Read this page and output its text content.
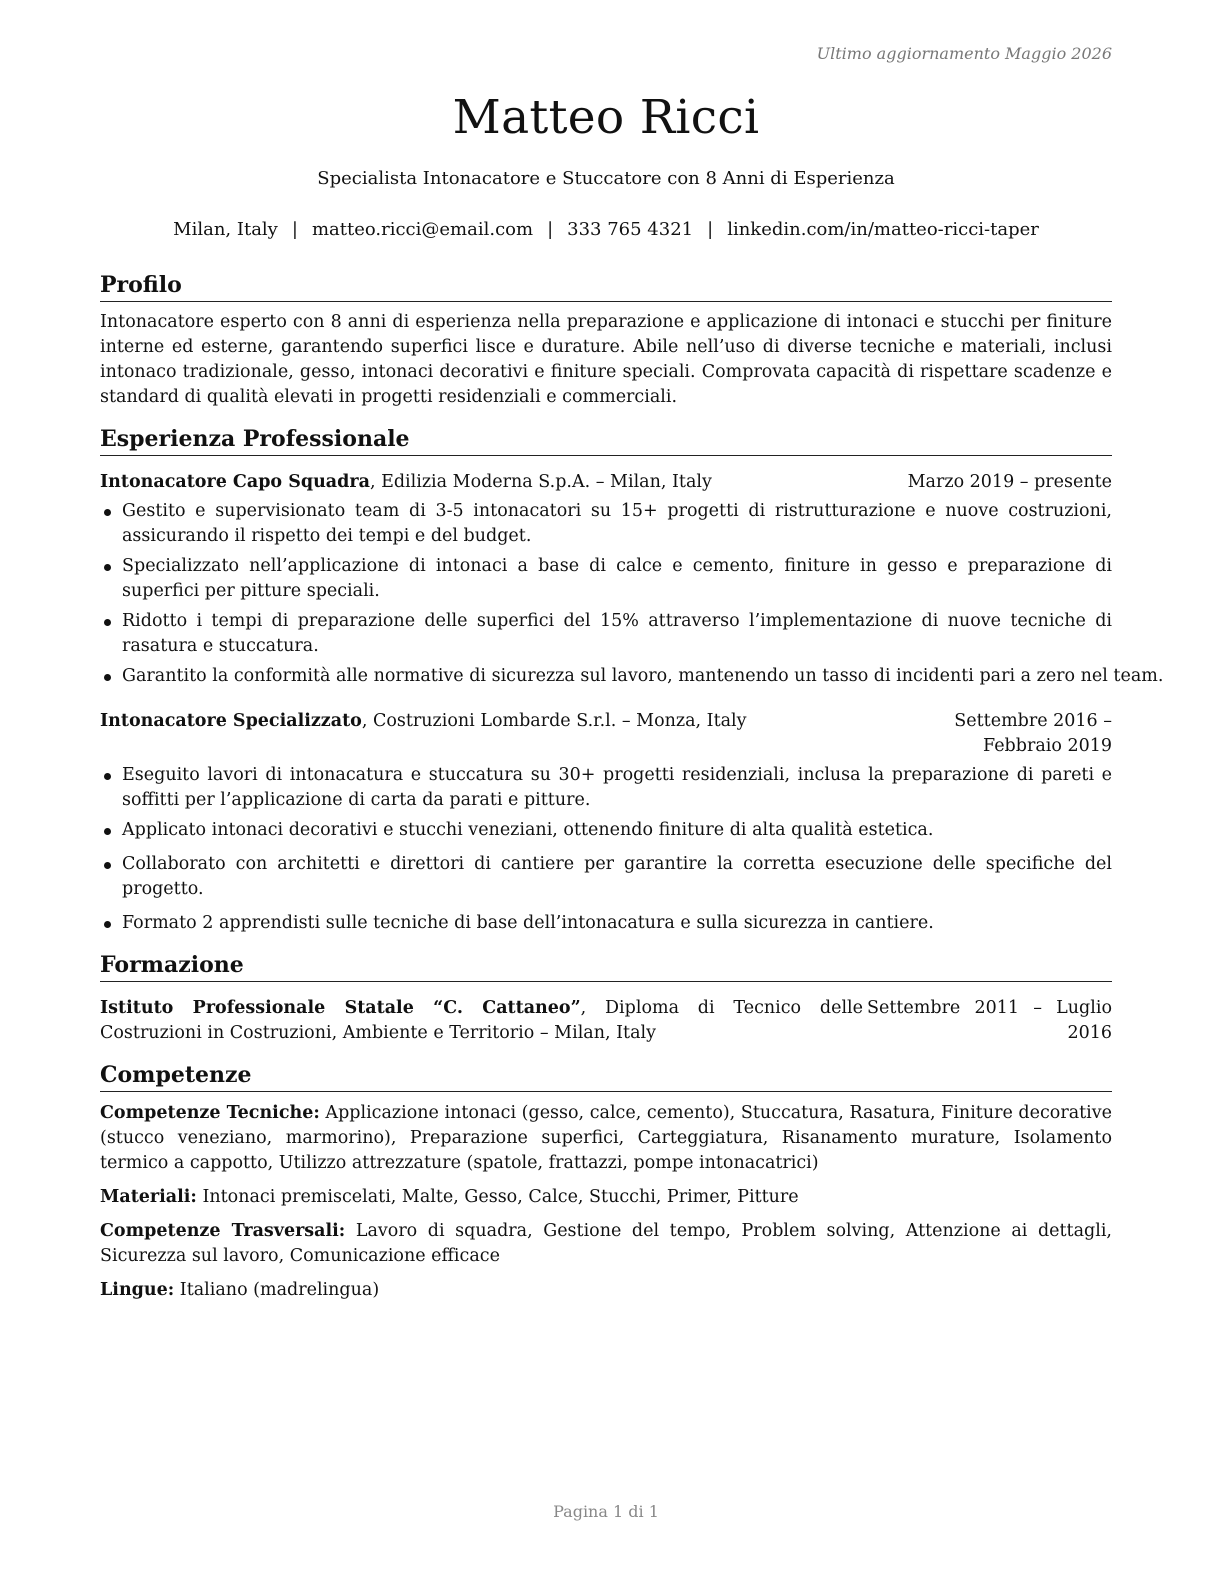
Ultimo aggiornamento Maggio 2026

Matteo Ricci

Specialista Intonacatore e Stuccatore con 8 Anni di Esperienza

Milan, Italy | matteo.ricci@email.com | 333 765 4321 | linkedin.com/in/matteo-ricci-taper

Profilo

Intonacatore esperto con 8 anni di esperienza nella preparazione e applicazione di intonaci e stucchi per finiture interne ed esterne, garantendo superfici lisce e durature. Abile nell’uso di diverse tecniche e materiali, inclusi intonaco tradizionale, gesso, intonaci decorativi e finiture speciali. Comprovata capacità di rispettare scadenze e standard di qualità elevati in progetti residenziali e commerciali.

Esperienza Professionale
Intonacatore Capo Squadra, Edilizia Moderna S.p.A. – Milan, Italy	Marzo 2019 – presente
Gestito e supervisionato team di 3-5 intonacatori su 15+ progetti di ristrutturazione e nuove costruzioni, assicurando il rispetto dei tempi e del budget.
Specializzato nell’applicazione di intonaci a base di calce e cemento, finiture in gesso e preparazione di superfici per pitture speciali.
Ridotto i tempi di preparazione delle superfici del 15% attraverso l’implementazione di nuove tecniche di rasatura e stuccatura.
Garantito la conformità alle normative di sicurezza sul lavoro, mantenendo un tasso di incidenti pari a zero nel team.
Intonacatore Specializzato, Costruzioni Lombarde S.r.l. – Monza, Italy	Settembre 2016 – Febbraio 2019
Eseguito lavori di intonacatura e stuccatura su 30+ progetti residenziali, inclusa la preparazione di pareti e soffitti per l’applicazione di carta da parati e pitture.
Applicato intonaci decorativi e stucchi veneziani, ottenendo finiture di alta qualità estetica.
Collaborato con architetti e direttori di cantiere per garantire la corretta esecuzione delle specifiche del progetto.
Formato 2 apprendisti sulle tecniche di base dell’intonacatura e sulla sicurezza in cantiere.
Formazione
Istituto Professionale Statale “C. Cattaneo”, Diploma di Tecnico delle Costruzioni in Costruzioni, Ambiente e Territorio – Milan, Italy
Settembre 2011 – Luglio
2016
Competenze

Competenze Tecniche: Applicazione intonaci (gesso, calce, cemento), Stuccatura, Rasatura, Finiture decorative (stucco veneziano, marmorino), Preparazione superfici, Carteggiatura, Risanamento murature, Isolamento termico a cappotto, Utilizzo attrezzature (spatole, frattazzi, pompe intonacatrici)

Materiali: Intonaci premiscelati, Malte, Gesso, Calce, Stucchi, Primer, Pitture

Competenze Trasversali: Lavoro di squadra, Gestione del tempo, Problem solving, Attenzione ai dettagli, Sicurezza sul lavoro, Comunicazione efficace

Lingue: Italiano (madrelingua)

Pagina 1 di 1
